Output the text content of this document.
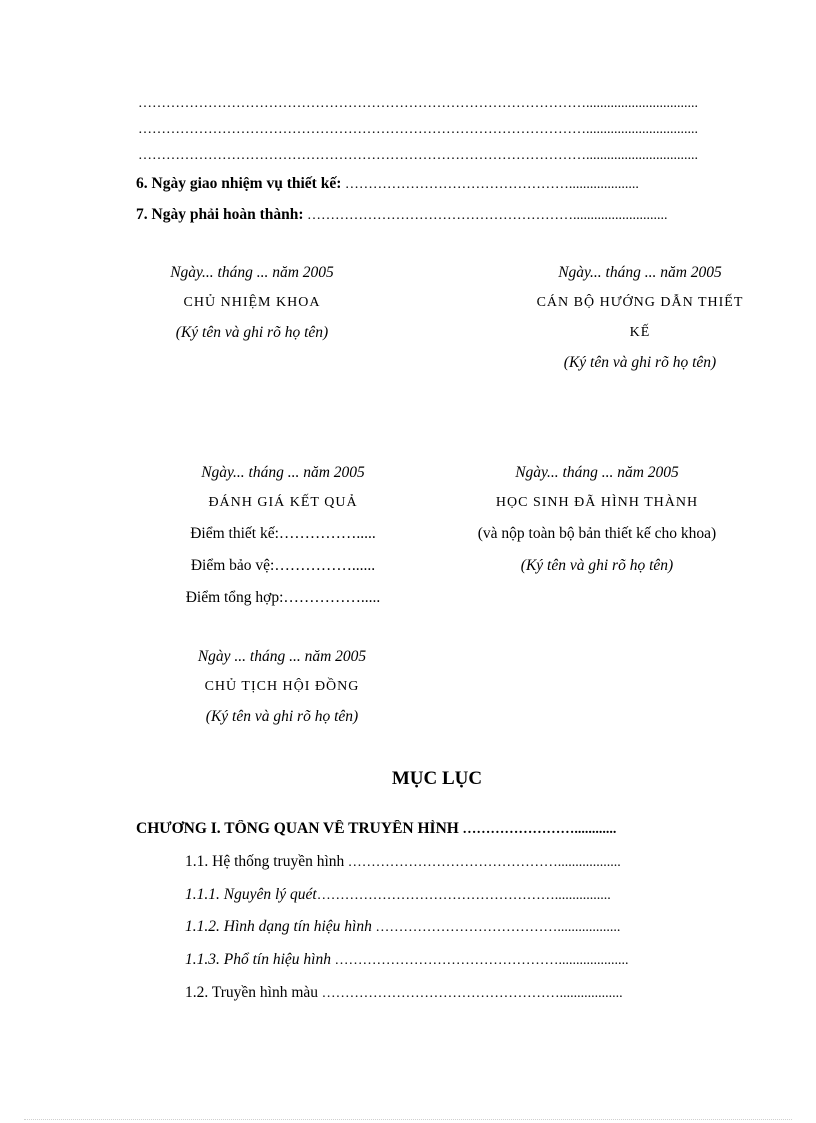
……………………………………………………………………………………................................
……………………………………………………………………………………................................
……………………………………………………………………………………................................
6. Ngày giao nhiệm vụ thiết kế: …………………………………………....................
7. Ngày phải hoàn thành: …………………………………………………...........................
Ngày... tháng ... năm 2005
CHỦ NHIỆM KHOA
(Ký tên và ghi rõ họ tên)
Ngày... tháng ... năm 2005
CÁN BỘ HƯỚNG DẪN THIẾT
KẾ
(Ký tên và ghi rõ họ tên)
Ngày... tháng ... năm 2005
ĐÁNH GIÁ KẾT QUẢ
Điểm thiết kế:…………….....
Điểm bảo vệ:……………......
Điểm tổng hợp:…………….....
Ngày... tháng ... năm 2005
HỌC SINH ĐÃ HÌNH THÀNH
(và nộp toàn bộ bản thiết kế cho khoa)
(Ký tên và ghi rõ họ tên)
Ngày ... tháng ... năm 2005
CHỦ TỊCH HỘI ĐỒNG
(Ký tên và ghi rõ họ tên)
MỤC LỤC
CHƯƠNG I. TỔNG QUAN VỀ TRUYỀN HÌNH ……………………............
1.1. Hệ thống truyền hình ………………………………………..................
1.1.1. Nguyên lý quét……………………………………………................
1.1.2. Hình dạng tín hiệu hình …………………………………..................
1.1.3. Phổ tín hiệu hình …………………………………………....................
1.2. Truyền hình màu ……………………………………………..................
